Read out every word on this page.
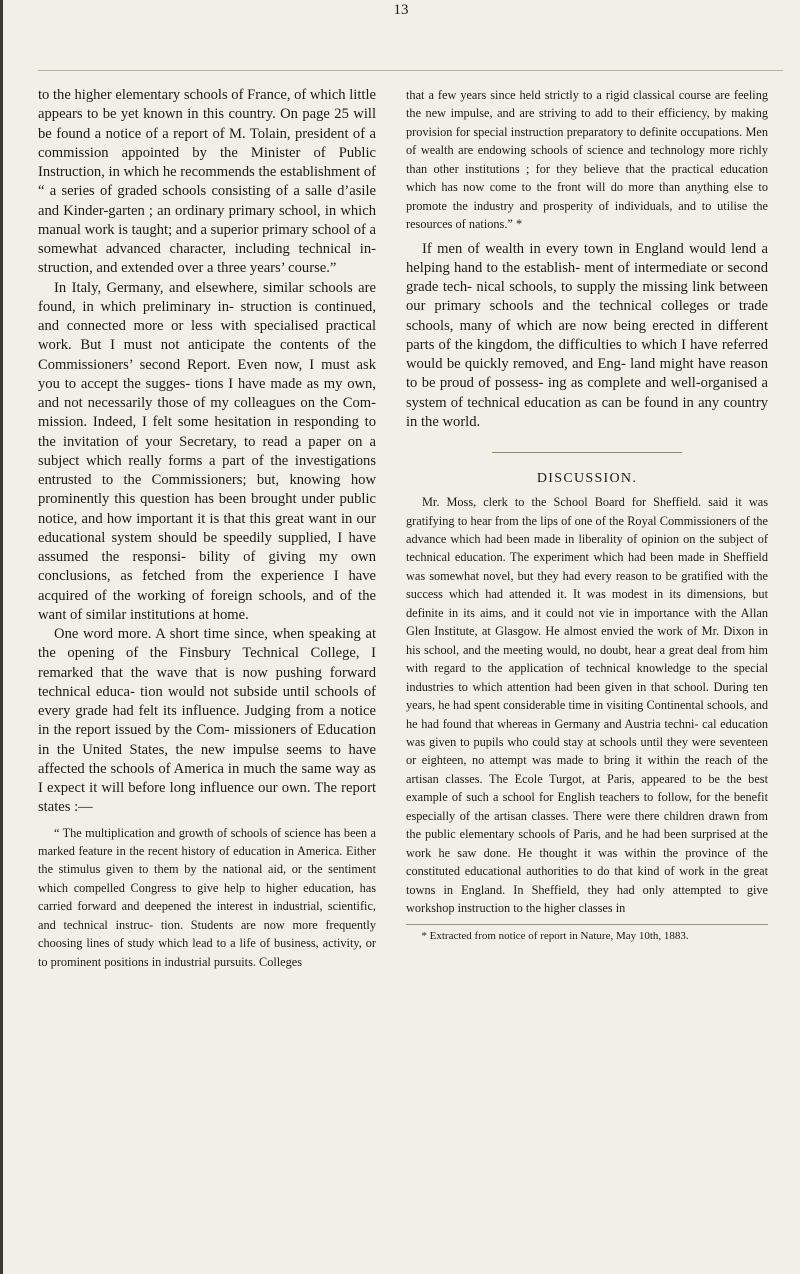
13

to the higher elementary schools of France, of which little appears to be yet known in this country. On page 25 will be found a notice of a report of M. Tolain, president of a commission appointed by the Minister of Public Instruction, in which he recommends the establishment of “ a series of graded schools consisting of a salle d’asile and Kinder-garten ; an ordinary primary school, in which manual work is taught; and a superior primary school of a somewhat advanced character, including technical in- struction, and extended over a three years’ course.”

In Italy, Germany, and elsewhere, similar schools are found, in which preliminary in- struction is continued, and connected more or less with specialised practical work. But I must not anticipate the contents of the Commissioners’ second Report. Even now, I must ask you to accept the sugges- tions I have made as my own, and not necessarily those of my colleagues on the Com- mission. Indeed, I felt some hesitation in responding to the invitation of your Secretary, to read a paper on a subject which really forms a part of the investigations entrusted to the Commissioners; but, knowing how prominently this question has been brought under public notice, and how important it is that this great want in our educational system should be speedily supplied, I have assumed the responsi- bility of giving my own conclusions, as fetched from the experience I have acquired of the working of foreign schools, and of the want of similar institutions at home.

One word more. A short time since, when speaking at the opening of the Finsbury Technical College, I remarked that the wave that is now pushing forward technical educa- tion would not subside until schools of every grade had felt its influence. Judging from a notice in the report issued by the Com- missioners of Education in the United States, the new impulse seems to have affected the schools of America in much the same way as I expect it will before long influence our own. The report states :—

“ The multiplication and growth of schools of science has been a marked feature in the recent history of education in America. Either the stimulus given to them by the national aid, or the sentiment which compelled Congress to give help to higher education, has carried forward and deepened the interest in industrial, scientific, and technical instruc- tion. Students are now more frequently choosing lines of study which lead to a life of business, activity, or to prominent positions in industrial pursuits. Colleges

that a few years since held strictly to a rigid classical course are feeling the new impulse, and are striving to add to their efficiency, by making provision for special instruction preparatory to definite occupations. Men of wealth are endowing schools of science and technology more richly than other institutions ; for they believe that the practical education which has now come to the front will do more than anything else to promote the industry and prosperity of individuals, and to utilise the resources of nations.” *

If men of wealth in every town in England would lend a helping hand to the establish- ment of intermediate or second grade tech- nical schools, to supply the missing link between our primary schools and the technical colleges or trade schools, many of which are now being erected in different parts of the kingdom, the difficulties to which I have referred would be quickly removed, and Eng- land might have reason to be proud of possess- ing as complete and well-organised a system of technical education as can be found in any country in the world.

DISCUSSION.

Mr. Moss, clerk to the School Board for Sheffield. said it was gratifying to hear from the lips of one of the Royal Commissioners of the advance which had been made in liberality of opinion on the subject of technical education. The experiment which had been made in Sheffield was somewhat novel, but they had every reason to be gratified with the success which had attended it. It was modest in its dimensions, but definite in its aims, and it could not vie in importance with the Allan Glen Institute, at Glasgow. He almost envied the work of Mr. Dixon in his school, and the meeting would, no doubt, hear a great deal from him with regard to the application of technical knowledge to the special industries to which attention had been given in that school. During ten years, he had spent considerable time in visiting Continental schools, and he had found that whereas in Germany and Austria techni- cal education was given to pupils who could stay at schools until they were seventeen or eighteen, no attempt was made to bring it within the reach of the artisan classes. The Ecole Turgot, at Paris, appeared to be the best example of such a school for English teachers to follow, for the benefit especially of the artisan classes. There were there children drawn from the public elementary schools of Paris, and he had been surprised at the work he saw done. He thought it was within the province of the constituted educational authorities to do that kind of work in the great towns in England. In Sheffield, they had only attempted to give workshop instruction to the higher classes in

* Extracted from notice of report in Nature, May 10th, 1883.
